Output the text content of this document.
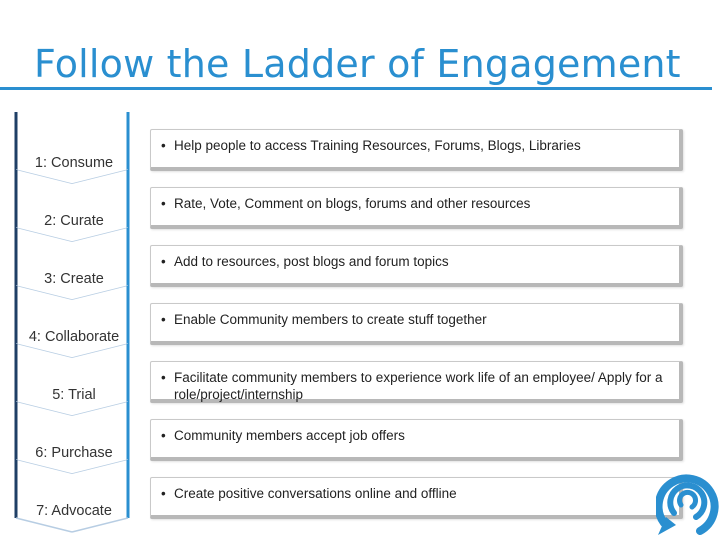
Follow the Ladder of Engagement
1: Consume
2: Curate
3: Create
4: Collaborate
5: Trial
6: Purchase
7: Advocate
• Help people to access Training Resources, Forums, Blogs, Libraries
• Rate, Vote, Comment on blogs, forums and other resources
• Add to resources, post blogs and forum topics
• Enable Community members to create stuff together
• Facilitate community members to experience work life of an employee/ Apply for a role/project/internship
• Community members accept job offers
• Create positive conversations online and offline
